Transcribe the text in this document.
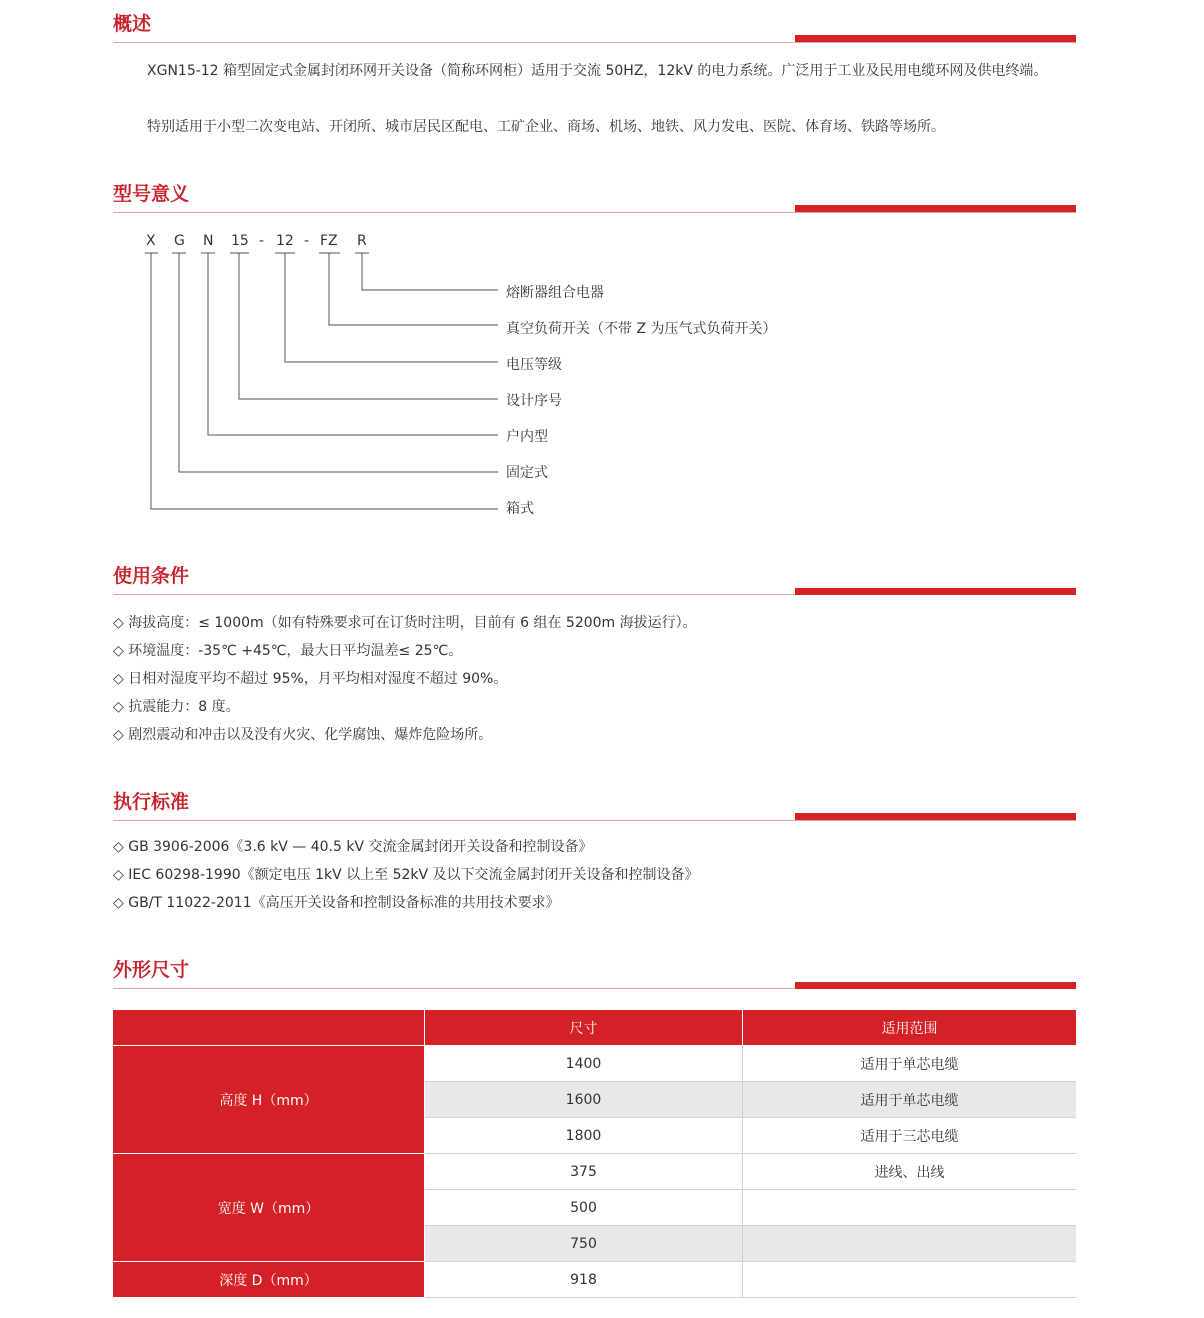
概述
XGN15-12 箱型固定式金属封闭环网开关设备（简称环网柜）适用于交流 50HZ，12kV 的电力系统。广泛用于工业及民用电缆环网及供电终端。
特别适用于小型二次变电站、开闭所、城市居民区配电、工矿企业、商场、机场、地铁、风力发电、医院、体育场、铁路等场所。
型号意义
X G N 15 - 12 - FZ R
熔断器组合电器
真空负荷开关（不带 Z 为压气式负荷开关）
电压等级
设计序号
户内型
固定式
箱式
使用条件
◇ 海拔高度：≤ 1000m（如有特殊要求可在订货时注明，目前有 6 组在 5200m 海拔运行）。
◇ 环境温度：-35℃ +45℃，最大日平均温差≤ 25℃。
◇ 日相对湿度平均不超过 95%，月平均相对湿度不超过 90%。
◇ 抗震能力：8 度。
◇ 剧烈震动和冲击以及没有火灾、化学腐蚀、爆炸危险场所。
执行标准
◇ GB 3906-2006《3.6 kV — 40.5 kV 交流金属封闭开关设备和控制设备》
◇ IEC 60298-1990《额定电压 1kV 以上至 52kV 及以下交流金属封闭开关设备和控制设备》
◇ GB/T 11022-2011《高压开关设备和控制设备标准的共用技术要求》
外形尺寸
	尺寸	适用范围
高度 H（mm）	1400	适用于单芯电缆
	1600	适用于单芯电缆
	1800	适用于三芯电缆
宽度 W（mm）	375	进线、出线
	500	
	750	
深度 D（mm）	918	
